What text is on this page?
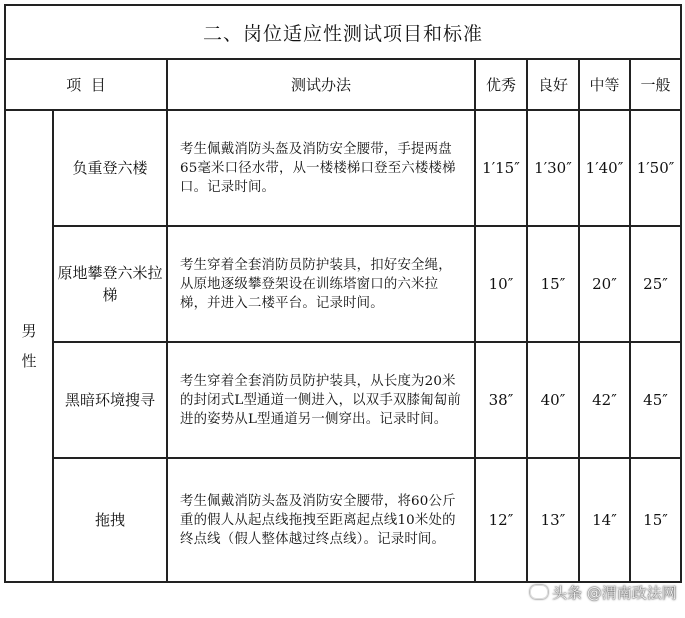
二、岗位适应性测试项目和标准						
项  目		测试办法	优秀	良好	中等	一般
男
性	负重登六楼	考生佩戴消防头盔及消防安全腰带，手提两盘65毫米口径水带，从一楼楼梯口登至六楼楼梯口。记录时间。	1′15″	1′30″	1′40″	1′50″
	原地攀登六米拉梯	考生穿着全套消防员防护装具，扣好安全绳，从原地逐级攀登架设在训练塔窗口的六米拉梯，并进入二楼平台。记录时间。	10″	15″	20″	25″
	黑暗环境搜寻	考生穿着全套消防员防护装具，从长度为20米的封闭式L型通道一侧进入，以双手双膝匍匐前进的姿势从L型通道另一侧穿出。记录时间。	38″	40″	42″	45″
	拖拽	考生佩戴消防头盔及消防安全腰带，将60公斤重的假人从起点线拖拽至距离起点线10米处的终点线（假人整体越过终点线）。记录时间。	12″	13″	14″	15″
头条 @渭南政法网
